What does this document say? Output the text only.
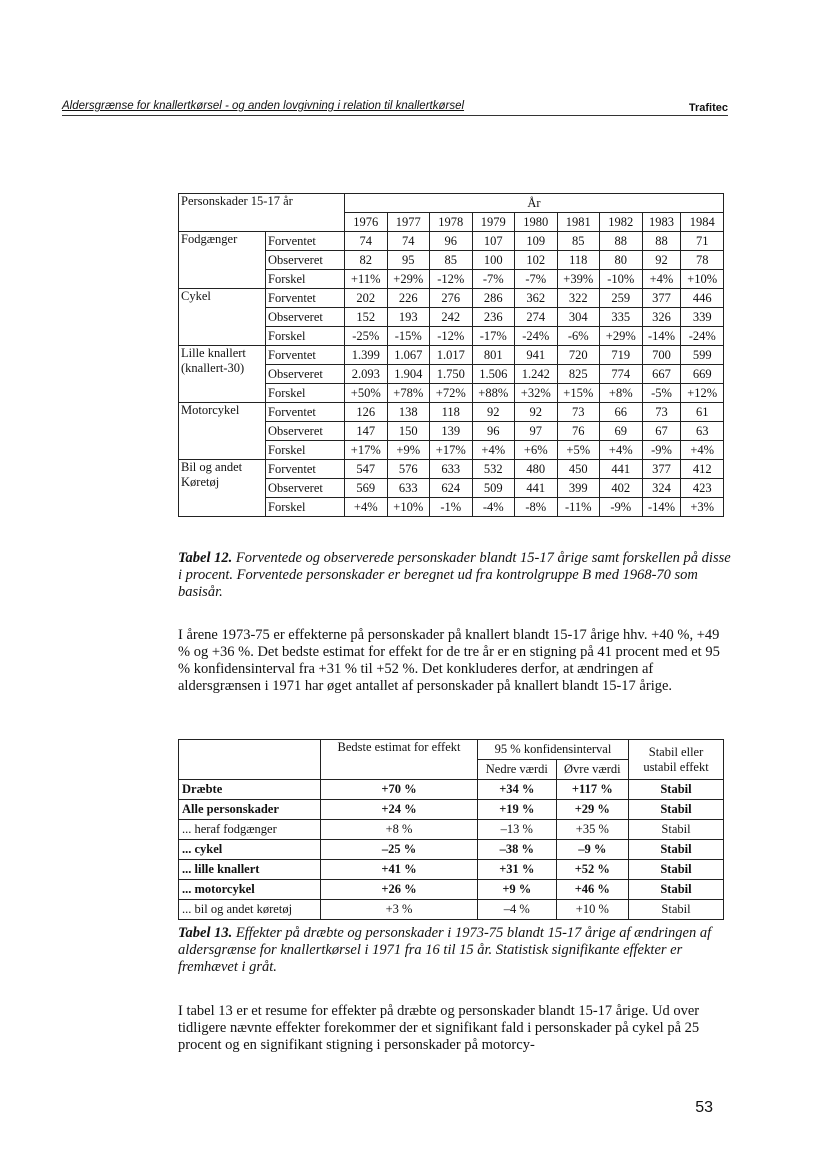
Aldersgrænse for knallertkørsel - og anden lovgivning i relation til knallertkørsel	Trafitec
Personskader 15-17 år		År								
		1976	1977	1978	1979	1980	1981	1982	1983	1984
Fodgænger	Forventet	74	74	96	107	109	85	88	88	71
	Observeret	82	95	85	100	102	118	80	92	78
	Forskel	+11%	+29%	-12%	-7%	-7%	+39%	-10%	+4%	+10%
Cykel	Forventet	202	226	276	286	362	322	259	377	446
	Observeret	152	193	242	236	274	304	335	326	339
	Forskel	-25%	-15%	-12%	-17%	-24%	-6%	+29%	-14%	-24%
Lille knallert (knallert-30)	Forventet	1.399	1.067	1.017	801	941	720	719	700	599
	Observeret	2.093	1.904	1.750	1.506	1.242	825	774	667	669
	Forskel	+50%	+78%	+72%	+88%	+32%	+15%	+8%	-5%	+12%
Motorcykel	Forventet	126	138	118	92	92	73	66	73	61
	Observeret	147	150	139	96	97	76	69	67	63
	Forskel	+17%	+9%	+17%	+4%	+6%	+5%	+4%	-9%	+4%
Bil og andet Køretøj	Forventet	547	576	633	532	480	450	441	377	412
	Observeret	569	633	624	509	441	399	402	324	423
	Forskel	+4%	+10%	-1%	-4%	-8%	-11%	-9%	-14%	+3%
Tabel 12. Forventede og observerede personskader blandt 15-17 årige samt forskellen på disse i procent. Forventede personskader er beregnet ud fra kontrolgruppe B med 1968-70 som basisår.
I årene 1973-75 er effekterne på personskader på knallert blandt 15-17 årige hhv. +40 %, +49 % og +36 %. Det bedste estimat for effekt for de tre år er en stigning på 41 procent med et 95 % konfidensinterval fra +31 % til +52 %. Det konkluderes derfor, at ændringen af aldersgrænsen i 1971 har øget antallet af personskader på knallert blandt 15-17 årige.
	Bedste estimat for effekt	95 % konfidensinterval		Stabil eller ustabil effekt
		Nedre værdi	Øvre værdi	
Dræbte	+70 %	+34 %	+117 %	Stabil
Alle personskader	+24 %	+19 %	+29 %	Stabil
... heraf fodgænger	+8 %	–13 %	+35 %	Stabil
... cykel	–25 %	–38 %	–9 %	Stabil
... lille knallert	+41 %	+31 %	+52 %	Stabil
... motorcykel	+26 %	+9 %	+46 %	Stabil
... bil og andet køretøj	+3 %	–4 %	+10 %	Stabil
Tabel 13. Effekter på dræbte og personskader i 1973-75 blandt 15-17 årige af ændringen af aldersgrænse for knallertkørsel i 1971 fra 16 til 15 år. Statistisk signifikante effekter er fremhævet i gråt.
I tabel 13 er et resume for effekter på dræbte og personskader blandt 15-17 årige. Ud over tidligere nævnte effekter forekommer der et signifikant fald i personskader på cykel på 25 procent og en signifikant stigning i personskader på motorcy-
53
